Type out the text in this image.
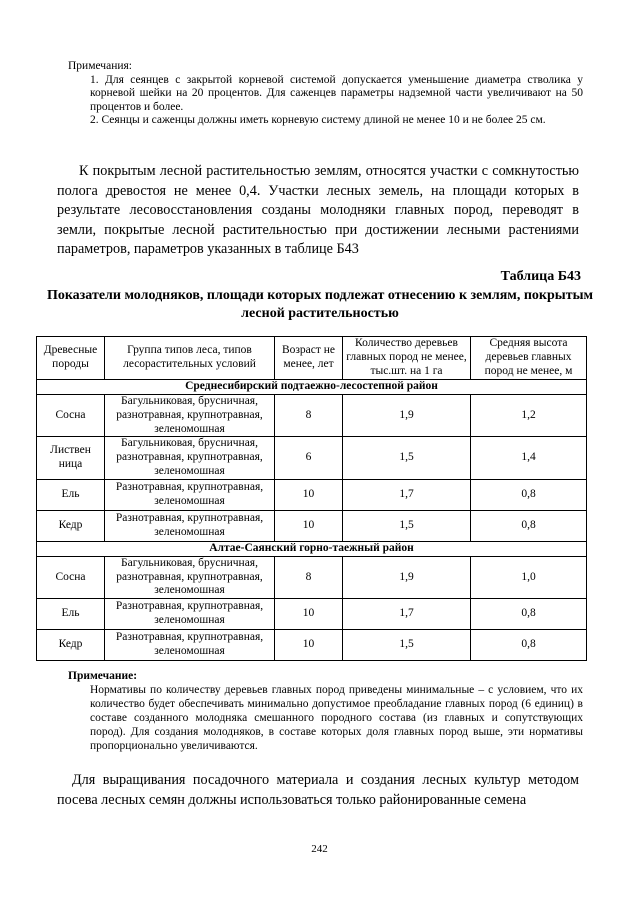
Примечания:

1. Для сеянцев с закрытой корневой системой допускается уменьшение диаметра стволика у корневой шейки на 20 процентов. Для саженцев параметры надземной части увеличивают на 50 процентов и более.

2. Сеянцы и саженцы должны иметь корневую систему длиной не менее 10 и не более 25 см.

К покрытым лесной растительностью землям, относятся участки с сомкнутостью полога древостоя не менее 0,4. Участки лесных земель, на площади которых в результате лесовосстановления созданы молодняки главных пород, переводят в земли, покрытые лесной растительностью при достижении лесными растениями параметров, параметров указанных в таблице Б43

Таблица Б43

Показатели молодняков, площади которых подлежат отнесению к землям, покрытым лесной растительностью

Древесные породы	Группа типов леса, типов лесорастительных условий	Возраст не менее, лет	Количество деревьев главных пород не менее, тыс.шт. на 1 га	Средняя высота деревьев главных пород не менее, м
Среднесибирский подтаежно-лесостепной район				
Сосна	Багульниковая, брусничная, разнотравная, крупнотравная, зеленомошная	8	1,9	1,2
Листвен ница	Багульниковая, брусничная, разнотравная, крупнотравная, зеленомошная	6	1,5	1,4
Ель	Разнотравная, крупнотравная, зеленомошная	10	1,7	0,8
Кедр	Разнотравная, крупнотравная, зеленомошная	10	1,5	0,8
Алтае-Саянский горно-таежный район				
Сосна	Багульниковая, брусничная, разнотравная, крупнотравная, зеленомошная	8	1,9	1,0
Ель	Разнотравная, крупнотравная, зеленомошная	10	1,7	0,8
Кедр	Разнотравная, крупнотравная, зеленомошная	10	1,5	0,8

Примечание:

Нормативы по количеству деревьев главных пород приведены минимальные – с условием, что их количество будет обеспечивать минимально допустимое преобладание главных пород (6 единиц) в составе созданного молодняка смешанного породного состава (из главных и сопутствующих пород). Для создания молодняков, в составе которых доля главных пород выше, эти нормативы пропорционально увеличиваются.

Для выращивания посадочного материала и создания лесных культур методом посева лесных семян должны использоваться только районированные семена

242
